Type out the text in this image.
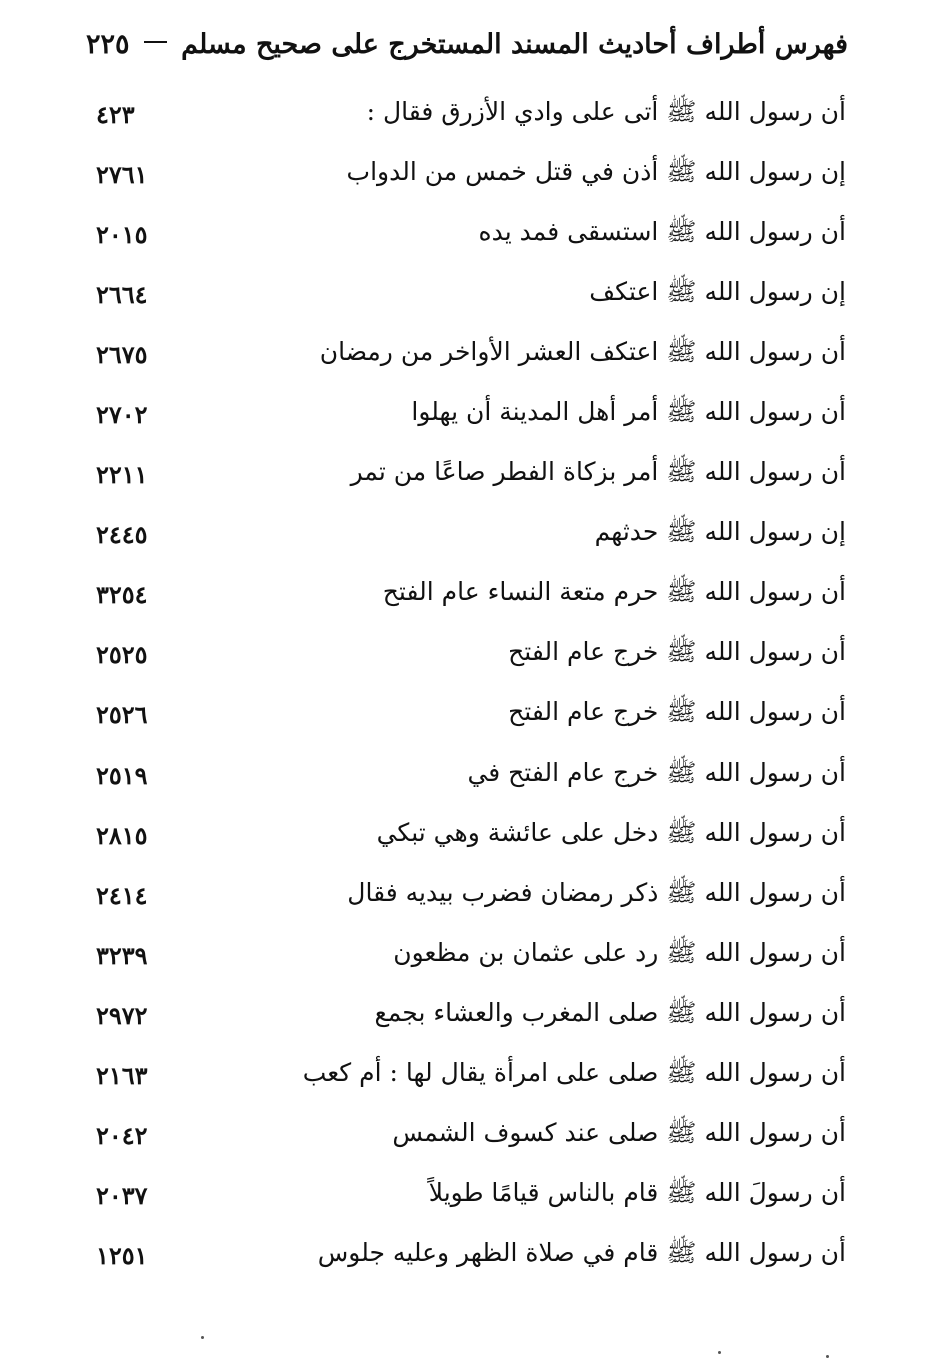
فهرس أطراف أحاديث المسند المستخرج على صحيح مسلم
٢٢٥
٤٢٣	أن رسول الله ﷺ أتى على وادي الأزرق فقال :
٢٧٦١	إن رسول الله ﷺ أذن في قتل خمس من الدواب
٢٠١٥	أن رسول الله ﷺ استسقى فمد يده
٢٦٦٤	إن رسول الله ﷺ اعتكف
٢٦٧٥	أن رسول الله ﷺ اعتكف العشر الأواخر من رمضان
٢٧٠٢	أن رسول الله ﷺ أمر أهل المدينة أن يهلوا
٢٢١١	أن رسول الله ﷺ أمر بزكاة الفطر صاعًا من تمر
٢٤٤٥	إن رسول الله ﷺ حدثهم
٣٢٥٤	أن رسول الله ﷺ حرم متعة النساء عام الفتح
٢٥٢٥	أن رسول الله ﷺ خرج عام الفتح
٢٥٢٦	أن رسول الله ﷺ خرج عام الفتح
٢٥١٩	أن رسول الله ﷺ خرج عام الفتح في
٢٨١٥	أن رسول الله ﷺ دخل على عائشة وهي تبكي
٢٤١٤	أن رسول الله ﷺ ذكر رمضان فضرب بيديه فقال
٣٢٣٩	أن رسول الله ﷺ رد على عثمان بن مظعون
٢٩٧٢	أن رسول الله ﷺ صلى المغرب والعشاء بجمع
٢١٦٣	أن رسول الله ﷺ صلى على امرأة يقال لها : أم كعب
٢٠٤٢	أن رسول الله ﷺ صلى عند كسوف الشمس
٢٠٣٧	أن رسولَ الله ﷺ قام بالناس قيامًا طويلاً
١٢٥١	أن رسول الله ﷺ قام في صلاة الظهر وعليه جلوس
